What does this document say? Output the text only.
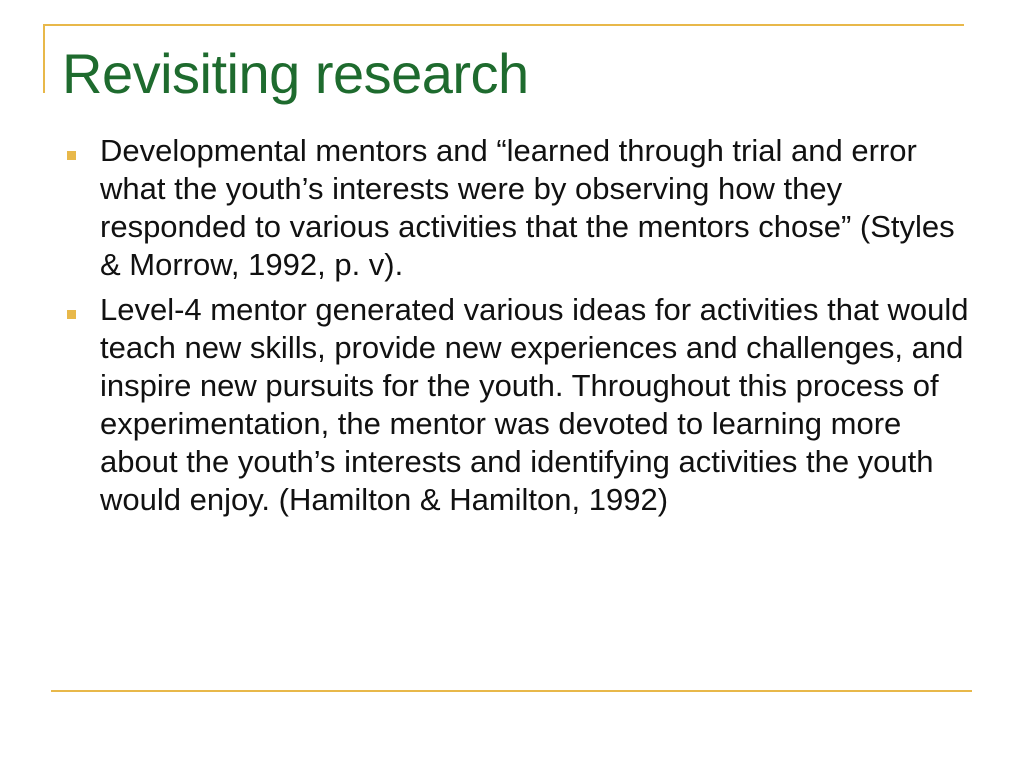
Revisiting research
Developmental mentors and “learned through trial and error what the youth’s interests were by observing how they responded to various activities that the mentors chose” (Styles & Morrow, 1992, p. v).
Level-4 mentor generated various ideas for activities that would teach new skills, provide new experiences and challenges, and inspire new pursuits for the youth. Throughout this process of experimentation, the mentor was devoted to learning more about the youth’s interests and identifying activities the youth would enjoy. (Hamilton & Hamilton, 1992)
